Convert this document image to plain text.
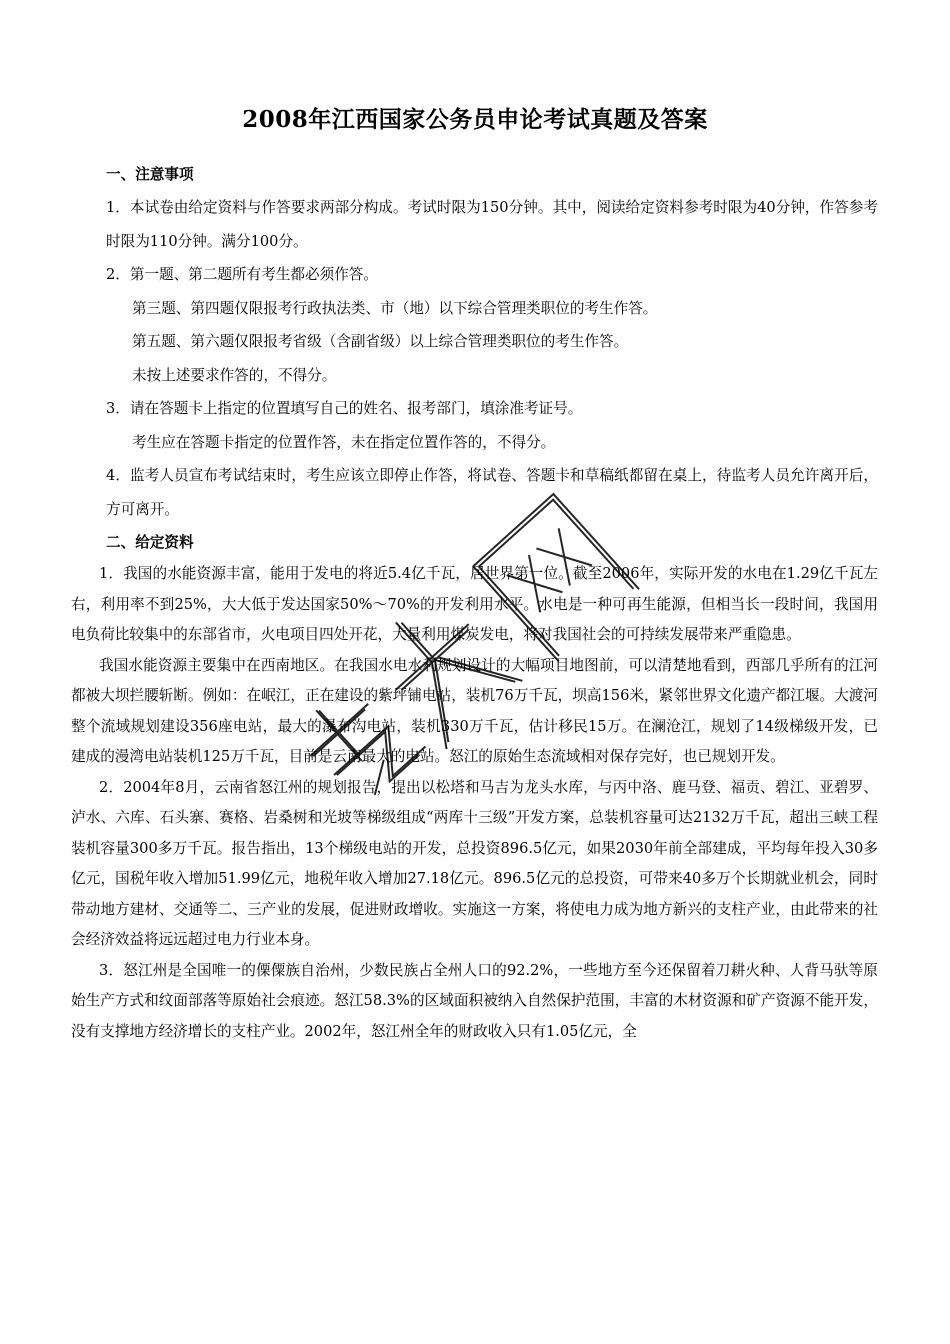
2008年江西国家公务员申论考试真题及答案
一、注意事项
1．本试卷由给定资料与作答要求两部分构成。考试时限为150分钟。其中，阅读给定资料参考时限为40分钟，作答参考时限为110分钟。满分100分。
2．第一题、第二题所有考生都必须作答。
第三题、第四题仅限报考行政执法类、市（地）以下综合管理类职位的考生作答。
第五题、第六题仅限报考省级（含副省级）以上综合管理类职位的考生作答。
未按上述要求作答的，不得分。
3．请在答题卡上指定的位置填写自己的姓名、报考部门，填涂准考证号。
考生应在答题卡指定的位置作答，未在指定位置作答的，不得分。
4．监考人员宣布考试结束时，考生应该立即停止作答，将试卷、答题卡和草稿纸都留在桌上，待监考人员允许离开后，方可离开。
二、给定资料

1．我国的水能资源丰富，能用于发电的将近5.4亿千瓦，居世界第一位。截至2006年，实际开发的水电在1.29亿千瓦左右，利用率不到25%，大大低于发达国家50%～70%的开发利用水平。水电是一种可再生能源，但相当长一段时间，我国用电负荷比较集中的东部省市，火电项目四处开花，大量利用煤炭发电，将对我国社会的可持续发展带来严重隐患。

我国水能资源主要集中在西南地区。在我国水电水利规划设计的大幅项目地图前，可以清楚地看到，西部几乎所有的江河都被大坝拦腰斩断。例如：在岷江，正在建设的紫坪铺电站，装机76万千瓦，坝高156米，紧邻世界文化遗产都江堰。大渡河整个流域规划建设356座电站，最大的瀑布沟电站，装机330万千瓦，估计移民15万。在澜沧江，规划了14级梯级开发，已建成的漫湾电站装机125万千瓦，目前是云南最大的电站。怒江的原始生态流域相对保存完好，也已规划开发。

2．2004年8月，云南省怒江州的规划报告，提出以松塔和马吉为龙头水库，与丙中洛、鹿马登、福贡、碧江、亚碧罗、泸水、六库、石头寨、赛格、岩桑树和光坡等梯级组成“两库十三级”开发方案，总装机容量可达2132万千瓦，超出三峡工程装机容量300多万千瓦。报告指出，13个梯级电站的开发，总投资896.5亿元，如果2030年前全部建成，平均每年投入30多亿元，国税年收入增加51.99亿元，地税年收入增加27.18亿元。896.5亿元的总投资，可带来40多万个长期就业机会，同时带动地方建材、交通等二、三产业的发展，促进财政增收。实施这一方案，将使电力成为地方新兴的支柱产业，由此带来的社会经济效益将远远超过电力行业本身。

3．怒江州是全国唯一的傈僳族自治州，少数民族占全州人口的92.2%，一些地方至今还保留着刀耕火种、人背马驮等原始生产方式和纹面部落等原始社会痕迹。怒江58.3%的区域面积被纳入自然保护范围，丰富的木材资源和矿产资源不能开发，没有支撑地方经济增长的支柱产业。2002年，怒江州全年的财政收入只有1.05亿元，全
